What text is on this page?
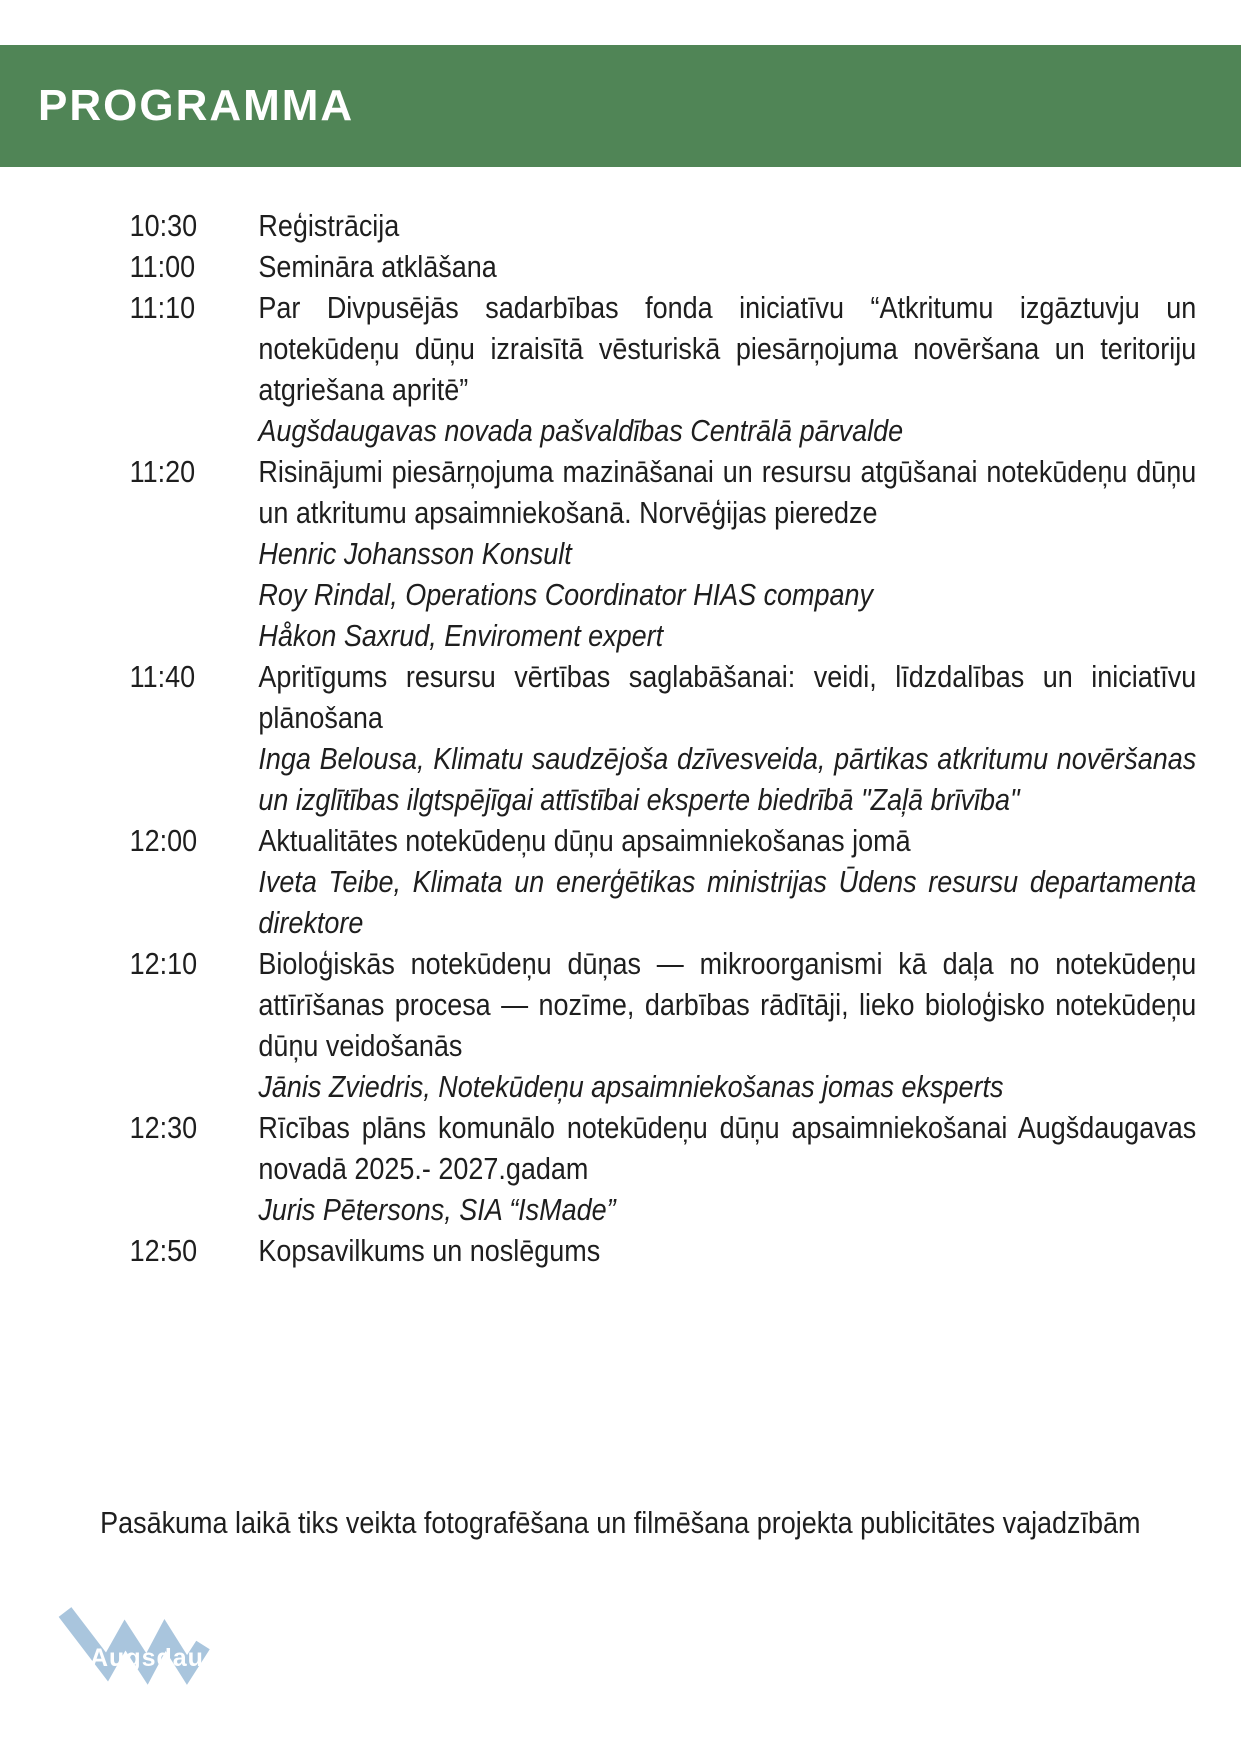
PROGRAMMA
10:30	Reģistrācija

11:00	Semināra atklāšana

11:10	Par Divpusējās sadarbības fonda iniciatīvu “Atkritumu izgāztuvju un notekūdeņu dūņu izraisītā vēsturiskā piesārņojuma novēršana un teritoriju atgriešana apritē”

Augšdaugavas novada pašvaldības Centrālā pārvalde

11:20	Risinājumi piesārņojuma mazināšanai un resursu atgūšanai notekūdeņu dūņu un atkritumu apsaimniekošanā. Norvēģijas pieredze

Henric Johansson Konsult

Roy Rindal, Operations Coordinator HIAS company

Håkon Saxrud, Enviroment expert

11:40	Apritīgums resursu vērtības saglabāšanai: veidi, līdzdalības un iniciatīvu plānošana

Inga Belousa, Klimatu saudzējoša dzīvesveida, pārtikas atkritumu novēršanas un izglītības ilgtspējīgai attīstībai eksperte biedrībā "Zaļā brīvība"

12:00	Aktualitātes notekūdeņu dūņu apsaimniekošanas jomā

Iveta Teibe, Klimata un enerģētikas ministrijas Ūdens resursu departamenta direktore

12:10	Bioloģiskās notekūdeņu dūņas — mikroorganismi kā daļa no notekūdeņu attīrīšanas procesa — nozīme, darbības rādītāji, lieko bioloģisko notekūdeņu dūņu veidošanās

Jānis Zviedris, Notekūdeņu apsaimniekošanas jomas eksperts

12:30	Rīcības plāns komunālo notekūdeņu dūņu apsaimniekošanai Augšdaugavas novadā 2025.- 2027.gadam

Juris Pētersons, SIA “IsMade”

12:50	Kopsavilkums un noslēgums

Pasākuma laikā tiks veikta fotografēšana un filmēšana projekta publicitātes vajadzībām

Augsdau
